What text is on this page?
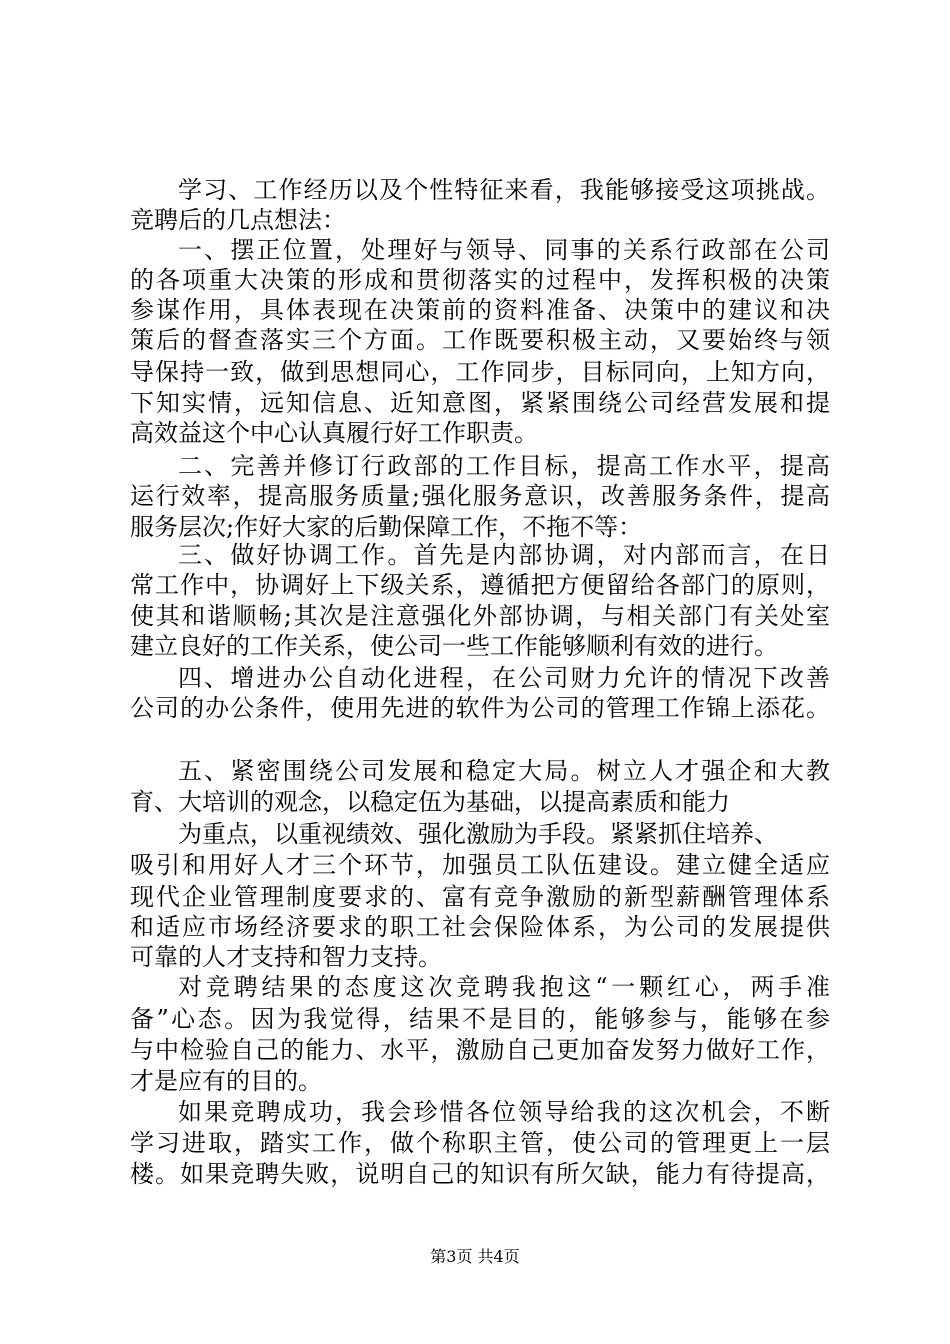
学习、工作经历以及个性特征来看，我能够接受这项挑战。
竞聘后的几点想法：
一、摆正位置，处理好与领导、同事的关系行政部在公司
的各项重大决策的形成和贯彻落实的过程中，发挥积极的决策
参谋作用，具体表现在决策前的资料准备、决策中的建议和决
策后的督查落实三个方面。工作既要积极主动，又要始终与领
导保持一致，做到思想同心，工作同步，目标同向，上知方向，
下知实情，远知信息、近知意图，紧紧围绕公司经营发展和提
高效益这个中心认真履行好工作职责。
二、完善并修订行政部的工作目标，提高工作水平，提高
运行效率，提高服务质量;强化服务意识，改善服务条件，提高
服务层次;作好大家的后勤保障工作，不拖不等：
三、做好协调工作。首先是内部协调，对内部而言，在日
常工作中，协调好上下级关系，遵循把方便留给各部门的原则，
使其和谐顺畅;其次是注意强化外部协调，与相关部门有关处室
建立良好的工作关系，使公司一些工作能够顺利有效的进行。
四、增进办公自动化进程，在公司财力允许的情况下改善
公司的办公条件，使用先进的软件为公司的管理工作锦上添花。
五、紧密围绕公司发展和稳定大局。树立人才强企和大教
育、大培训的观念，以稳定伍为基础，以提高素质和能力
为重点，以重视绩效、强化激励为手段。紧紧抓住培养、
吸引和用好人才三个环节，加强员工队伍建设。建立健全适应
现代企业管理制度要求的、富有竞争激励的新型薪酬管理体系
和适应市场经济要求的职工社会保险体系，为公司的发展提供
可靠的人才支持和智力支持。
对竞聘结果的态度这次竞聘我抱这“一颗红心，两手准
备”心态。因为我觉得，结果不是目的，能够参与，能够在参
与中检验自己的能力、水平，激励自己更加奋发努力做好工作，
才是应有的目的。
如果竞聘成功，我会珍惜各位领导给我的这次机会，不断
学习进取，踏实工作，做个称职主管，使公司的管理更上一层
楼。如果竞聘失败，说明自己的知识有所欠缺，能力有待提高，
第3页 共4页
